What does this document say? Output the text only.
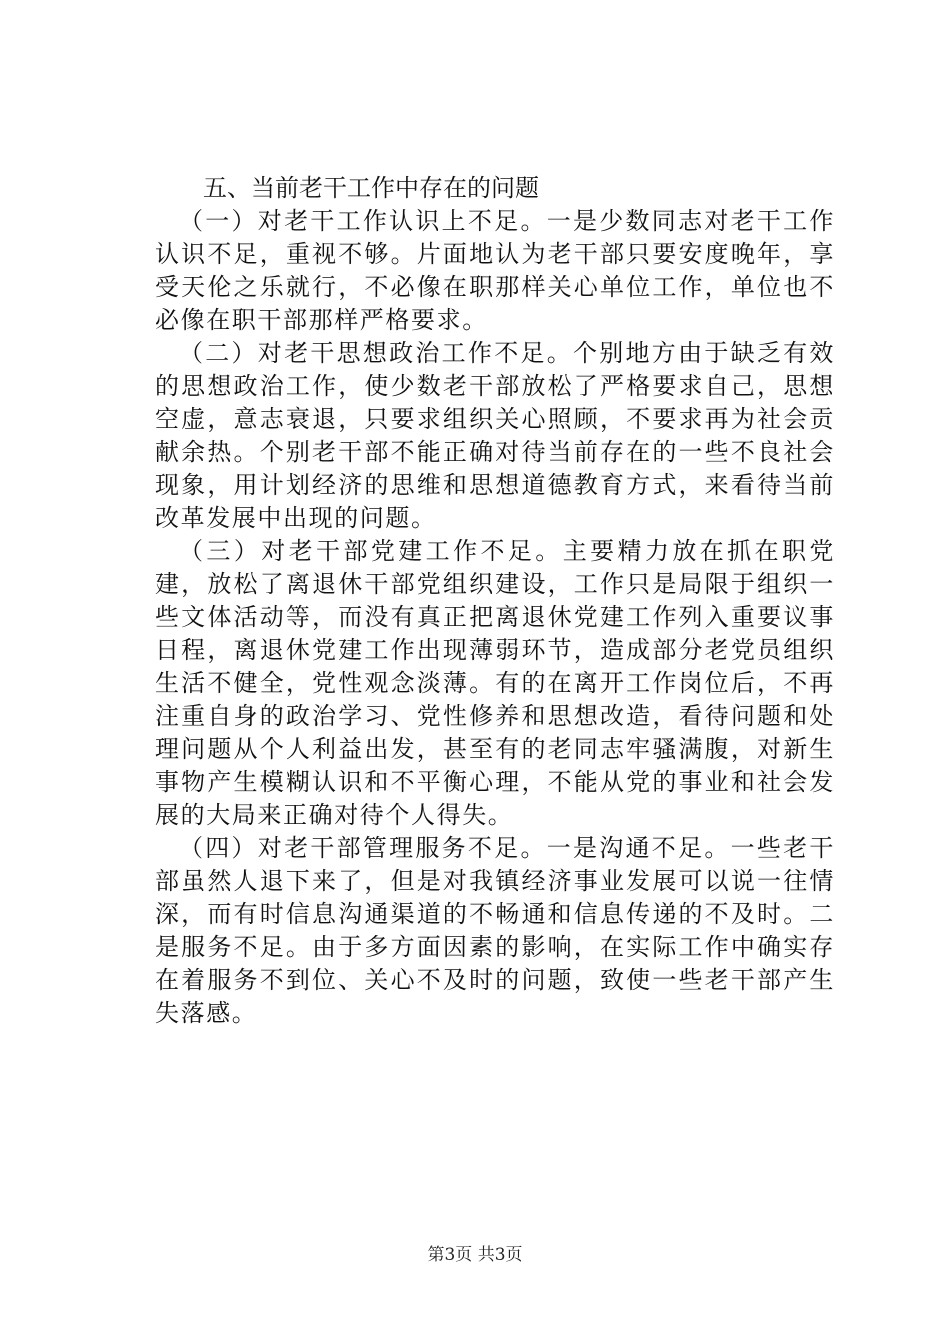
五、当前老干工作中存在的问题

（一）对老干工作认识上不足。一是少数同志对老干工作认识不足，重视不够。片面地认为老干部只要安度晚年，享受天伦之乐就行，不必像在职那样关心单位工作，单位也不必像在职干部那样严格要求。

（二）对老干思想政治工作不足。个别地方由于缺乏有效的思想政治工作，使少数老干部放松了严格要求自己，思想空虚，意志衰退，只要求组织关心照顾，不要求再为社会贡献余热。个别老干部不能正确对待当前存在的一些不良社会现象，用计划经济的思维和思想道德教育方式，来看待当前改革发展中出现的问题。

（三）对老干部党建工作不足。主要精力放在抓在职党建，放松了离退休干部党组织建设，工作只是局限于组织一些文体活动等，而没有真正把离退休党建工作列入重要议事日程，离退休党建工作出现薄弱环节，造成部分老党员组织生活不健全，党性观念淡薄。有的在离开工作岗位后，不再注重自身的政治学习、党性修养和思想改造，看待问题和处理问题从个人利益出发，甚至有的老同志牢骚满腹，对新生事物产生模糊认识和不平衡心理，不能从党的事业和社会发展的大局来正确对待个人得失。

（四）对老干部管理服务不足。一是沟通不足。一些老干部虽然人退下来了，但是对我镇经济事业发展可以说一往情深，而有时信息沟通渠道的不畅通和信息传递的不及时。二是服务不足。由于多方面因素的影响，在实际工作中确实存在着服务不到位、关心不及时的问题，致使一些老干部产生失落感。

第3页 共3页
